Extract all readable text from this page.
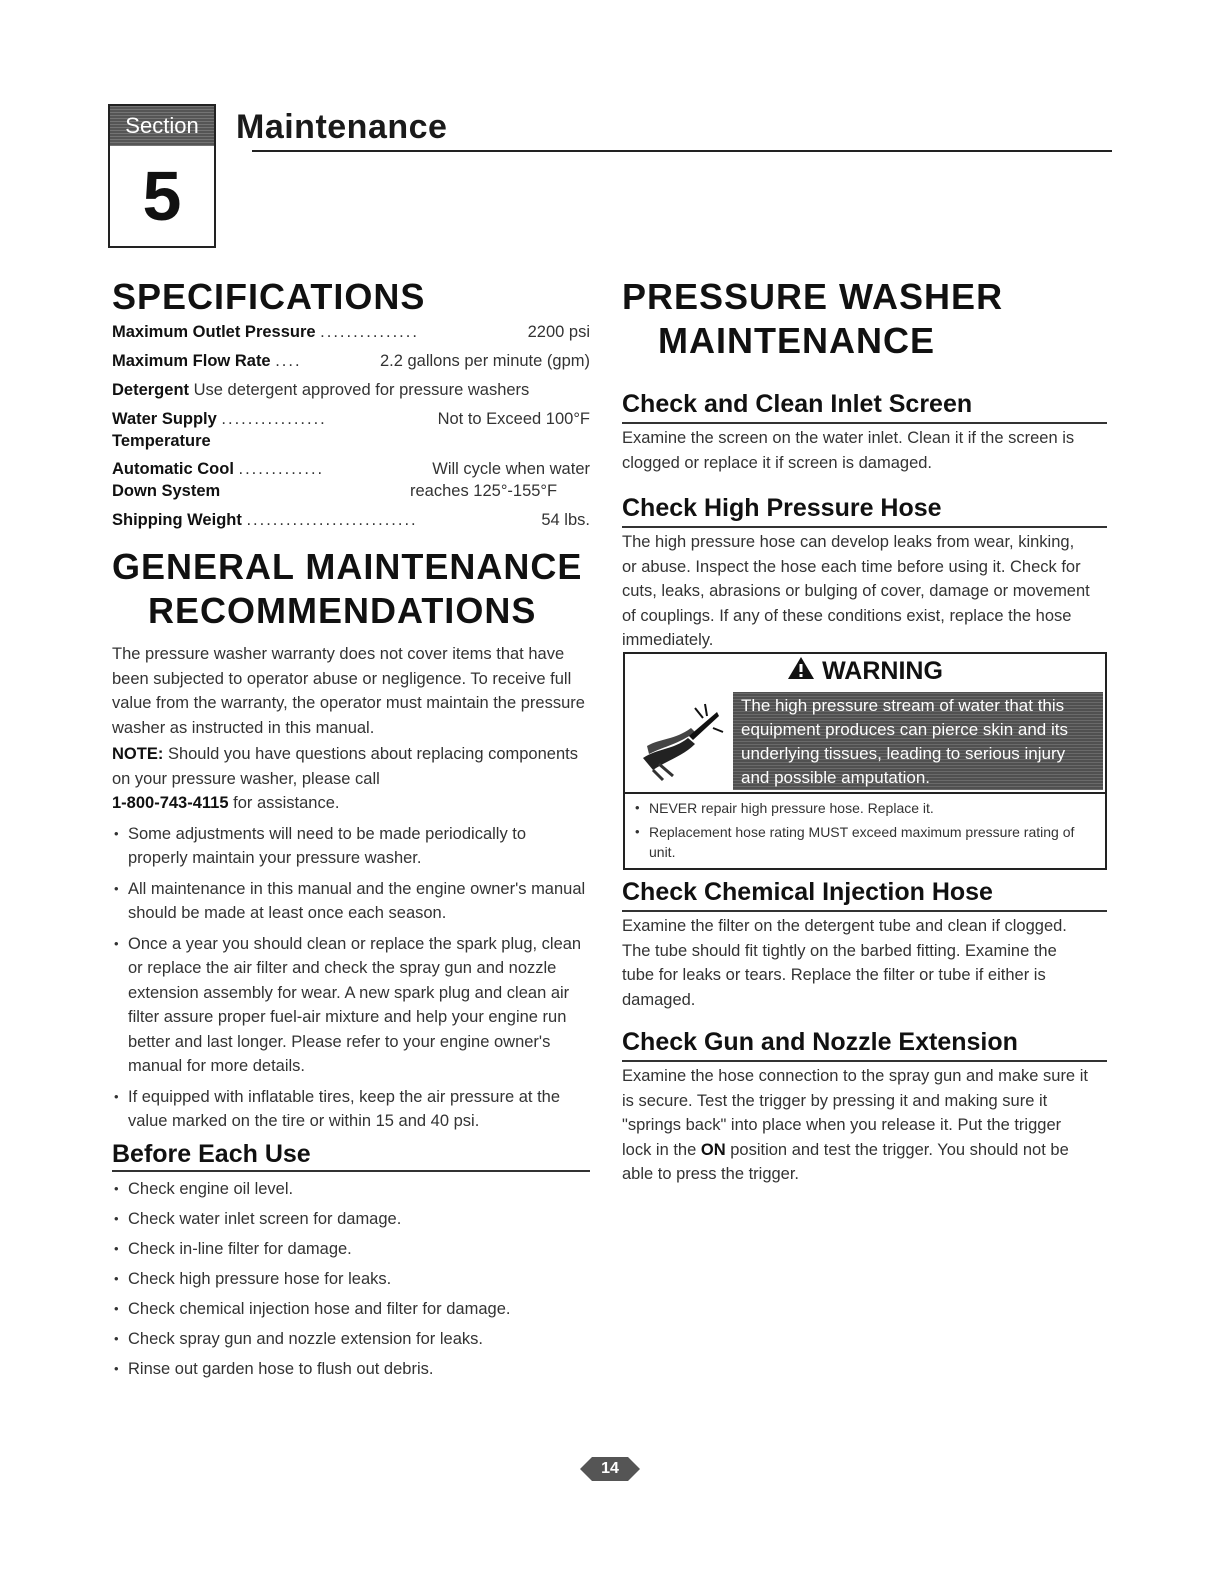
Section
5
Maintenance
SPECIFICATIONS
Maximum Outlet Pressure ...............	2200 psi
Maximum Flow Rate ....	2.2 gallons per minute (gpm)
Detergent Use detergent approved for pressure washers
Water Supply ................	Not to Exceed 100°F
Temperature
Automatic Cool .............	Will cycle when water
Down System	reaches 125°-155°F
Shipping Weight ..........................	54 lbs.
GENERAL MAINTENANCE
RECOMMENDATIONS

The pressure washer warranty does not cover items that have been subjected to operator abuse or negligence. To receive full value from the warranty, the operator must maintain the pressure washer as instructed in this manual.

NOTE: Should you have questions about replacing components on your pressure washer, please call
1-800-743-4115 for assistance.

• Some adjustments will need to be made periodically to properly maintain your pressure washer.
• All maintenance in this manual and the engine owner's manual should be made at least once each season.
• Once a year you should clean or replace the spark plug, clean or replace the air filter and check the spray gun and nozzle extension assembly for wear. A new spark plug and clean air filter assure proper fuel-air mixture and help your engine run better and last longer. Please refer to your engine owner's manual for more details.
• If equipped with inflatable tires, keep the air pressure at the value marked on the tire or within 15 and 40 psi.
Before Each Use
• Check engine oil level.
• Check water inlet screen for damage.
• Check in-line filter for damage.
• Check high pressure hose for leaks.
• Check chemical injection hose and filter for damage.
• Check spray gun and nozzle extension for leaks.
• Rinse out garden hose to flush out debris.
PRESSURE WASHER
MAINTENANCE
Check and Clean Inlet Screen

Examine the screen on the water inlet. Clean it if the screen is clogged or replace it if screen is damaged.

Check High Pressure Hose

The high pressure hose can develop leaks from wear, kinking, or abuse. Inspect the hose each time before using it. Check for cuts, leaks, abrasions or bulging of cover, damage or movement of couplings. If any of these conditions exist, replace the hose immediately.

WARNING
The high pressure stream of water that this equipment produces can pierce skin and its underlying tissues, leading to serious injury and possible amputation.
• NEVER repair high pressure hose. Replace it.
• Replacement hose rating MUST exceed maximum pressure rating of unit.
Check Chemical Injection Hose

Examine the filter on the detergent tube and clean if clogged. The tube should fit tightly on the barbed fitting. Examine the tube for leaks or tears. Replace the filter or tube if either is damaged.

Check Gun and Nozzle Extension

Examine the hose connection to the spray gun and make sure it is secure. Test the trigger by pressing it and making sure it "springs back" into place when you release it. Put the trigger lock in the ON position and test the trigger. You should not be able to press the trigger.

14
